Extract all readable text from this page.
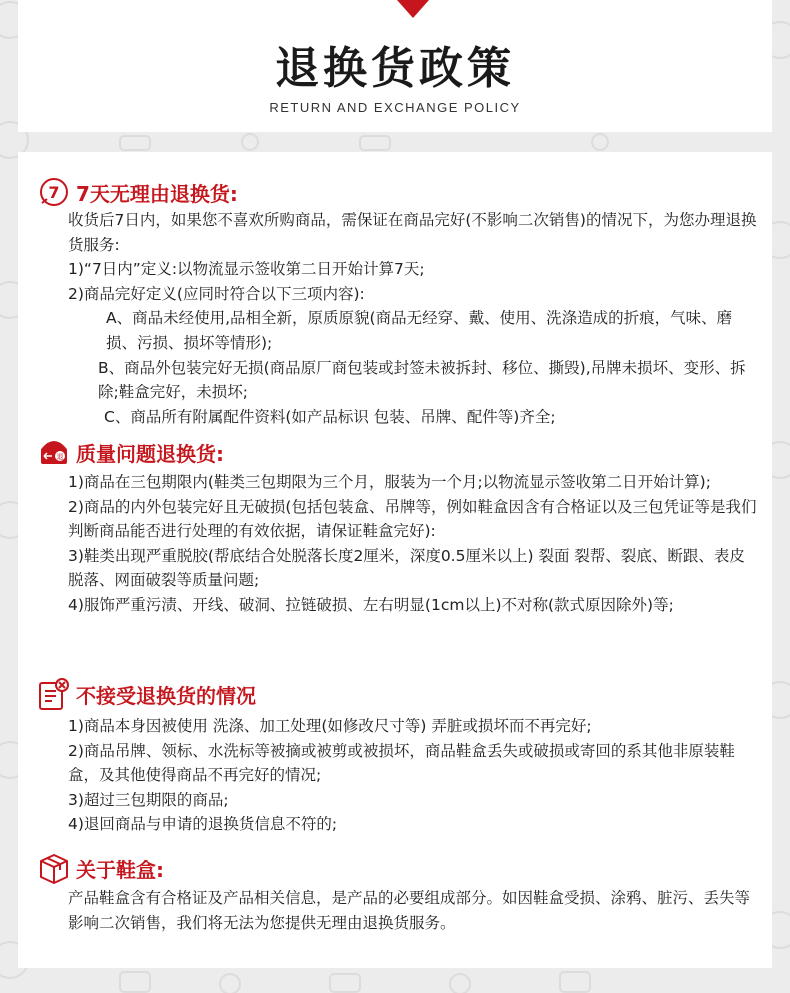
退换货政策
RETURN AND EXCHANGE POLICY
7 7天无理由退换货:

收货后7日内，如果您不喜欢所购商品，需保证在商品完好(不影响二次销售)的情况下，为您办理退换货服务:

1)“7日内”定义:以物流显示签收第二日开始计算7天;

2)商品完好定义(应同时符合以下三项内容):

A、商品未经使用,品相全新，原质原貌(商品无经穿、戴、使用、洗涤造成的折痕，气味、磨损、污损、损坏等情形);

B、商品外包装完好无损(商品原厂商包装或封签未被拆封、移位、撕毁),吊牌未损坏、变形、拆除;鞋盒完好，未损坏;

C、商品所有附属配件资料(如产品标识 包装、吊牌、配件等)齐全;

退 质量问题退换货:

1)商品在三包期限内(鞋类三包期限为三个月，服装为一个月;以物流显示签收第二日开始计算);

2)商品的内外包装完好且无破损(包括包装盒、吊牌等，例如鞋盒因含有合格证以及三包凭证等是我们判断商品能否进行处理的有效依据，请保证鞋盒完好):

3)鞋类出现严重脱胶(帮底结合处脱落长度2厘米，深度0.5厘米以上) 裂面 裂帮、裂底、断跟、表皮脱落、网面破裂等质量问题;

4)服饰严重污渍、开线、破洞、拉链破损、左右明显(1cm以上)不对称(款式原因除外)等;

不接受退换货的情况

1)商品本身因被使用 洗涤、加工处理(如修改尺寸等) 弄脏或损坏而不再完好;

2)商品吊牌、领标、水洗标等被摘或被剪或被损坏，商品鞋盒丢失或破损或寄回的系其他非原装鞋盒，及其他使得商品不再完好的情况;

3)超过三包期限的商品;

4)退回商品与申请的退换货信息不符的;

关于鞋盒:

产品鞋盒含有合格证及产品相关信息，是产品的必要组成部分。如因鞋盒受损、涂鸦、脏污、丢失等影响二次销售，我们将无法为您提供无理由退换货服务。
